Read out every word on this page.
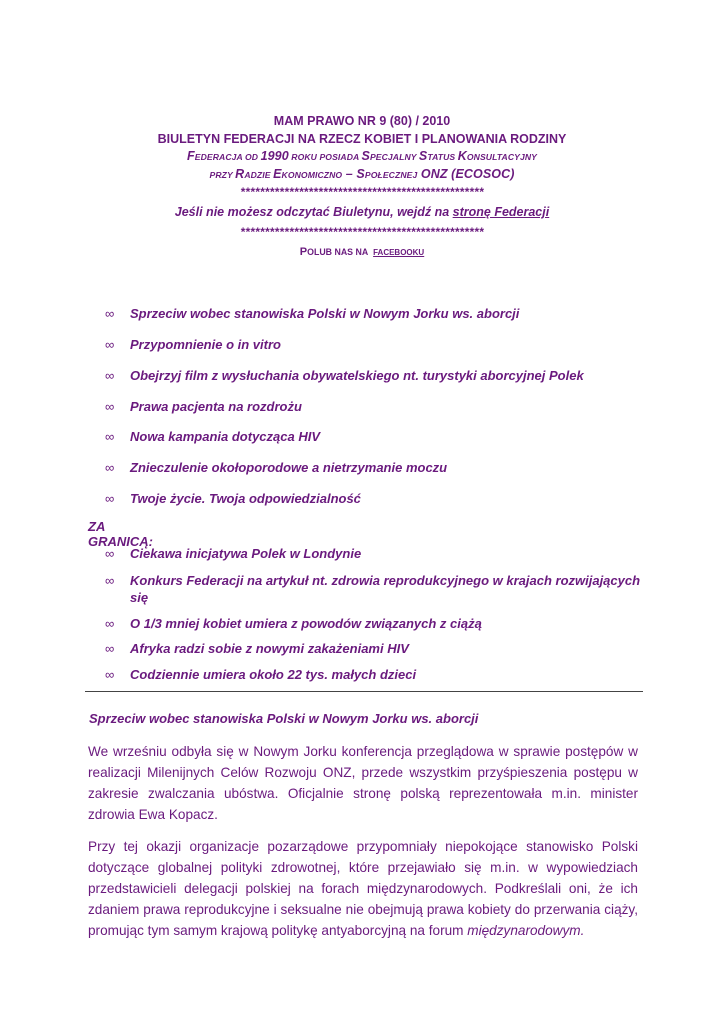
MAM PRAWO NR 9 (80) / 2010
BIULETYN FEDERACJI NA RZECZ KOBIET I PLANOWANIA RODZINY
FEDERACJA OD 1990 ROKU POSIADA SPECJALNY STATUS KONSULTACYJNY
PRZY RADZIE EKONOMICZNO – SPOŁECZNEJ ONZ (ECOSOC)
**************************************************
Jeśli nie możesz odczytać Biuletynu, wejdź na stronę Federacji
**************************************************
POLUB NAS NA FACEBOOKU
∞	Sprzeciw wobec stanowiska Polski w Nowym Jorku ws. aborcji
∞	Przypomnienie o in vitro
∞	Obejrzyj film z wysłuchania obywatelskiego nt. turystyki aborcyjnej Polek
∞	Prawa pacjenta na rozdrożu
∞	Nowa kampania dotycząca HIV
∞	Znieczulenie okołoporodowe a nietrzymanie moczu
∞	Twoje życie. Twoja odpowiedzialność
ZA GRANICĄ:
∞	Ciekawa inicjatywa Polek w Londynie
∞	Konkurs Federacji na artykuł nt. zdrowia reprodukcyjnego w krajach rozwijających się
∞	O 1/3 mniej kobiet umiera z powodów związanych z ciążą
∞	Afryka radzi sobie z nowymi zakażeniami HIV
∞	Codziennie umiera około 22 tys. małych dzieci
Sprzeciw wobec stanowiska Polski w Nowym Jorku ws. aborcji

We wrześniu odbyła się w Nowym Jorku konferencja przeglądowa w sprawie postępów w realizacji Milenijnych Celów Rozwoju ONZ, przede wszystkim przyśpieszenia postępu w zakresie zwalczania ubóstwa. Oficjalnie stronę polską reprezentowała m.in. minister zdrowia Ewa Kopacz.

Przy tej okazji organizacje pozarządowe przypomniały niepokojące stanowisko Polski dotyczące globalnej polityki zdrowotnej, które przejawiało się m.in. w wypowiedziach przedstawicieli delegacji polskiej na forach międzynarodowych. Podkreślali oni, że ich zdaniem prawa reprodukcyjne i seksualne nie obejmują prawa kobiety do przerwania ciąży, promując tym samym krajową politykę antyaborcyjną na forum międzynarodowym.
